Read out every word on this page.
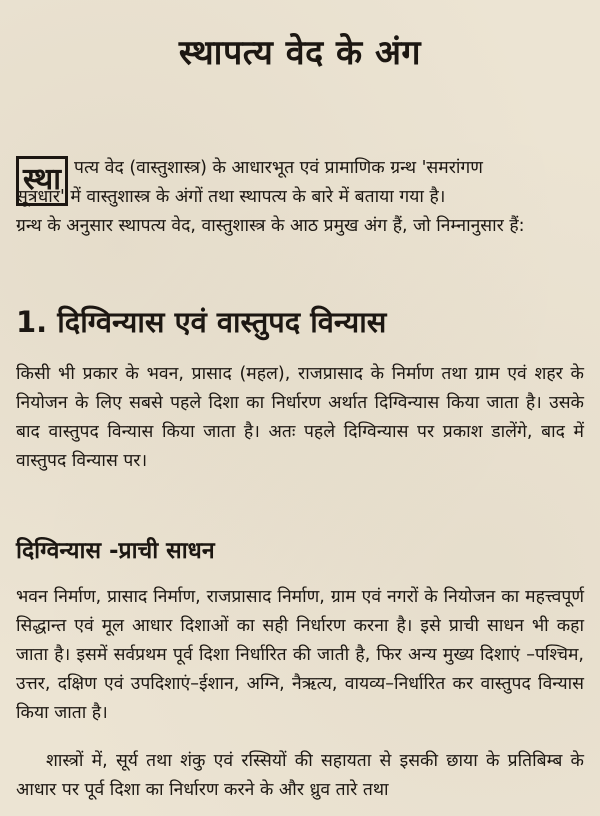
स्थापत्य वेद के अंग
स्था पत्य वेद (वास्तुशास्त्र) के आधारभूत एवं प्रामाणिक ग्रन्थ 'समरांगण

सूत्रधार' में वास्तुशास्त्र के अंगों तथा स्थापत्य के बारे में बताया गया है।

ग्रन्थ के अनुसार स्थापत्य वेद, वास्तुशास्त्र के आठ प्रमुख अंग हैं, जो निम्नानुसार हैं:

1. दिग्विन्यास एवं वास्तुपद विन्यास

किसी भी प्रकार के भवन, प्रासाद (महल), राजप्रासाद के निर्माण तथा ग्राम एवं शहर के नियोजन के लिए सबसे पहले दिशा का निर्धारण अर्थात दिग्विन्यास किया जाता है। उसके बाद वास्तुपद विन्यास किया जाता है। अतः पहले दिग्विन्यास पर प्रकाश डालेंगे, बाद में वास्तुपद विन्यास पर।

दिग्विन्यास -प्राची साधन

भवन निर्माण, प्रासाद निर्माण, राजप्रासाद निर्माण, ग्राम एवं नगरों के नियोजन का महत्त्वपूर्ण सिद्धान्त एवं मूल आधार दिशाओं का सही निर्धारण करना है। इसे प्राची साधन भी कहा जाता है। इसमें सर्वप्रथम पूर्व दिशा निर्धारित की जाती है, फिर अन्य मुख्य दिशाएं –पश्चिम, उत्तर, दक्षिण एवं उपदिशाएं–ईशान, अग्नि, नैऋत्य, वायव्य–निर्धारित कर वास्तुपद विन्यास किया जाता है।

शास्त्रों में, सूर्य तथा शंकु एवं रस्सियों की सहायता से इसकी छाया के प्रतिबिम्ब के आधार पर पूर्व दिशा का निर्धारण करने के और ध्रुव तारे तथा
